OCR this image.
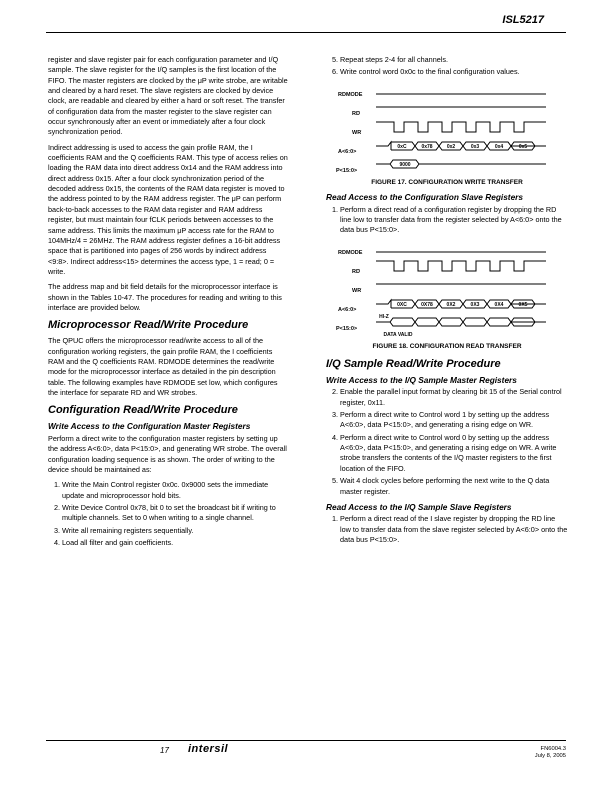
ISL5217

register and slave register pair for each configuration parameter and I/Q sample. The slave register for the I/Q samples is the first location of the FIFO. The master registers are clocked by the μP write strobe, are writable and cleared by a hard reset. The slave registers are clocked by device clock, are readable and cleared by either a hard or soft reset. The transfer of configuration data from the master register to the slave register can occur synchronously after an event or immediately after a four clock synchronization period.

Indirect addressing is used to access the gain profile RAM, the I coefficients RAM and the Q coefficients RAM. This type of access relies on loading the RAM data into direct address 0x14 and the RAM address into direct address 0x15. After a four clock synchronization period of the decoded address 0x15, the contents of the RAM data register is moved to the address pointed to by the RAM address register. The μP can perform back-to-back accesses to the RAM data register and RAM address register, but must maintain four fCLK periods between accesses to the same address. This limits the maximum μP access rate for the RAM to 104MHz/4 = 26MHz. The RAM address register defines a 16-bit address space that is partitioned into pages of 256 words by indirect address <9:8>. Indirect address<15> determines the access type, 1 = read; 0 = write.

The address map and bit field details for the microprocessor interface is shown in the Tables 10-47. The procedures for reading and writing to this interface are provided below.

Microprocessor Read/Write Procedure

The QPUC offers the microprocessor read/write access to all of the configuration working registers, the gain profile RAM, the I coefficients RAM and the Q coefficients RAM. RDMODE determines the read/write mode for the microprocessor interface as detailed in the pin description table. The following examples have RDMODE set low, which configures the interface for separate RD and WR strobes.

Configuration Read/Write Procedure
Write Access to the Configuration Master Registers

Perform a direct write to the configuration master registers by setting up the address A<6:0>, data P<15:0>, and generating WR strobe. The overall configuration loading sequence is as shown. The order of writing to the device should be maintained as:

1. Write the Main Control register 0x0c. 0x9000 sets the immediate update and microprocessor hold bits.
2. Write Device Control 0x78, bit 0 to set the broadcast bit if writing to multiple channels. Set to 0 when writing to a single channel.
3. Write all remaining registers sequentially.
4. Load all filter and gain coefficients.
5. Repeat steps 2-4 for all channels.
6. Write control word 0x0c to the final configuration values.
RDMODE
RD
WR
A<6:0>
P<15:0>
0xC	0x78	0x2	0x3	0x4	0x5
9000
FIGURE 17. CONFIGURATION WRITE TRANSFER
Read Access to the Configuration Slave Registers
1. Perform a direct read of a configuration register by dropping the RD line low to transfer data from the register selected by A<6:0> onto the data bus P<15:0>.
RDMODE
RD
WR
A<6:0>
P<15:0>
0XC	0X78	0X2	0X3	0X4	0X5
HI-Z
DATA VALID
FIGURE 18. CONFIGURATION READ TRANSFER
I/Q Sample Read/Write Procedure
Write Access to the I/Q Sample Master Registers
2. Enable the parallel input format by clearing bit 15 of the Serial control register, 0x11.
3. Perform a direct write to Control word 1 by setting up the address A<6:0>, data P<15:0>, and generating a rising edge on WR.
4. Perform a direct write to Control word 0 by setting up the address A<6:0>, data P<15:0>, and generating a rising edge on WR. A write strobe transfers the contents of the I/Q master registers to the first location of the FIFO.
5. Wait 4 clock cycles before performing the next write to the Q data master register.
Read Access to the I/Q Sample Slave Registers
1. Perform a direct read of the I slave register by dropping the RD line low to transfer data from the slave register selected by A<6:0> onto the data bus P<15:0>.
17 intersil	FN6004.3
July 8, 2005
